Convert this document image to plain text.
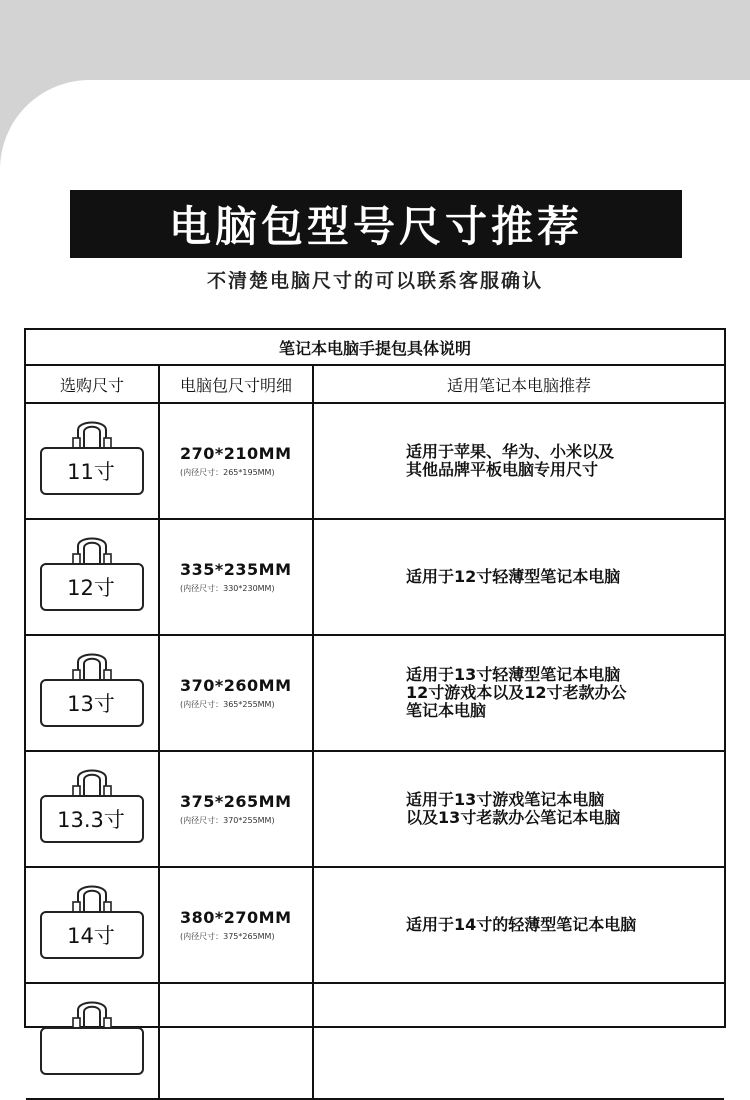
电脑包型号尺寸推荐
不清楚电脑尺寸的可以联系客服确认
笔记本电脑手提包具体说明
选购尺寸	电脑包尺寸明细	适用笔记本电脑推荐
11寸
270*210MM
(内径尺寸：265*195MM)
适用于苹果、华为、小米以及
其他品牌平板电脑专用尺寸
12寸
335*235MM
(内径尺寸：330*230MM)
适用于12寸轻薄型笔记本电脑
13寸
370*260MM
(内径尺寸：365*255MM)
适用于13寸轻薄型笔记本电脑
12寸游戏本以及12寸老款办公
笔记本电脑
13.3寸
375*265MM
(内径尺寸：370*255MM)
适用于13寸游戏笔记本电脑
以及13寸老款办公笔记本电脑
14寸
380*270MM
(内径尺寸：375*265MM)
适用于14寸的轻薄型笔记本电脑
